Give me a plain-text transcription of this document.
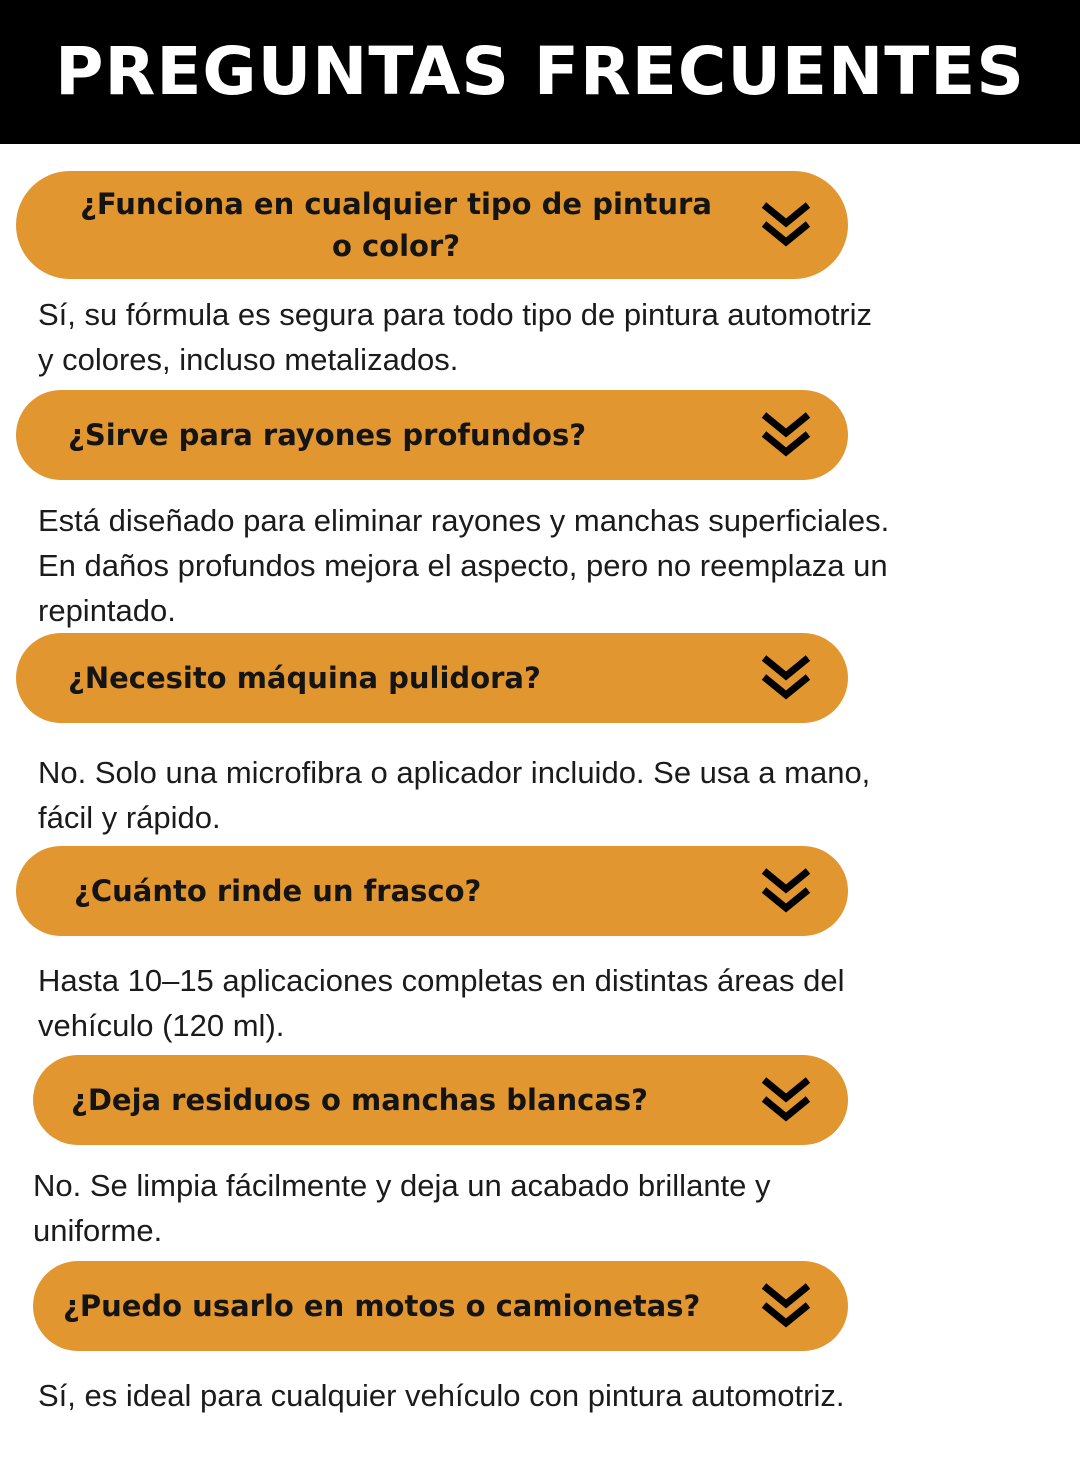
PREGUNTAS FRECUENTES
¿Funciona en cualquier tipo de pintura
o color?
Sí, su fórmula es segura para todo tipo de pintura automotriz
y colores, incluso metalizados.
¿Sirve para rayones profundos?
Está diseñado para eliminar rayones y manchas superficiales.
En daños profundos mejora el aspecto, pero no reemplaza un
repintado.
¿Necesito máquina pulidora?
No. Solo una microfibra o aplicador incluido. Se usa a mano,
fácil y rápido.
¿Cuánto rinde un frasco?
Hasta 10–15 aplicaciones completas en distintas áreas del
vehículo (120 ml).
¿Deja residuos o manchas blancas?
No. Se limpia fácilmente y deja un acabado brillante y
uniforme.
¿Puedo usarlo en motos o camionetas?
Sí, es ideal para cualquier vehículo con pintura automotriz.
